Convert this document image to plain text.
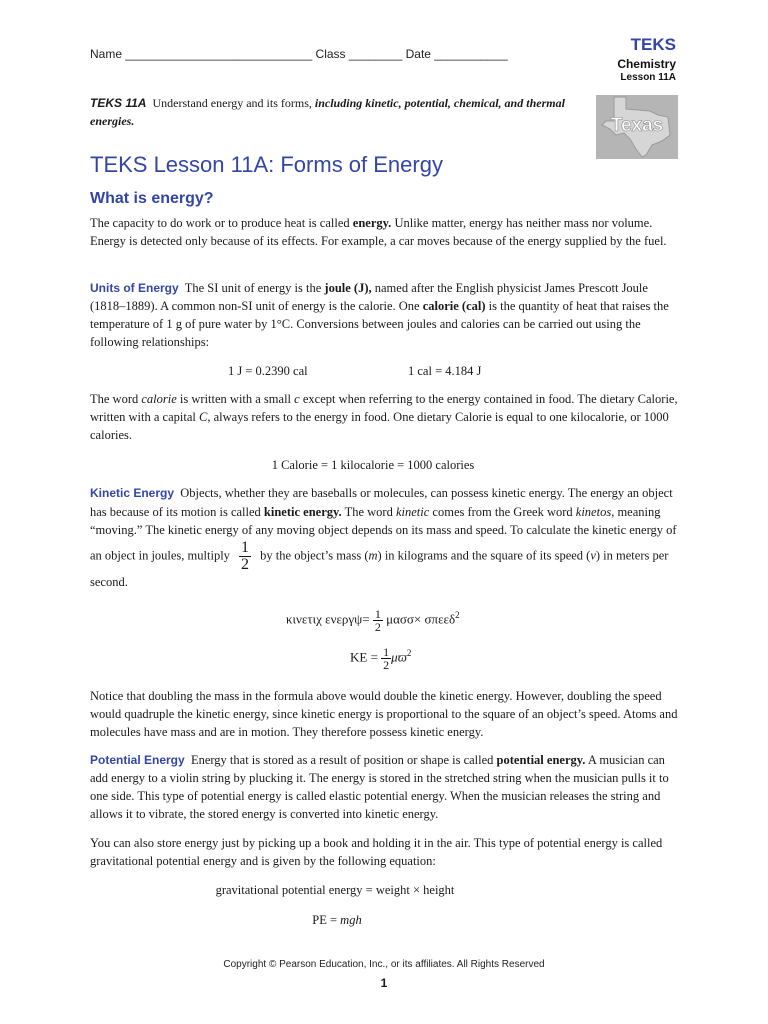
Name ____________________________ Class ________ Date ___________	TEKS
Chemistry
Lesson 11A
Texas
TEKS 11A Understand energy and its forms, including kinetic, potential, chemical, and thermal energies.
TEKS Lesson 11A: Forms of Energy
What is energy?
The capacity to do work or to produce heat is called energy. Unlike matter, energy has neither mass nor volume. Energy is detected only because of its effects. For example, a car moves because of the energy supplied by the fuel.
Units of Energy The SI unit of energy is the joule (J), named after the English physicist James Prescott Joule (1818–1889). A common non-SI unit of energy is the calorie. One calorie (cal) is the quantity of heat that raises the temperature of 1 g of pure water by 1°C. Conversions between joules and calories can be carried out using the following relationships:
1 J = 0.2390 cal	1 cal = 4.184 J
The word calorie is written with a small c except when referring to the energy contained in food. The dietary Calorie, written with a capital C, always refers to the energy in food. One dietary Calorie is equal to one kilocalorie, or 1000 calories.
1 Calorie = 1 kilocalorie = 1000 calories
Kinetic Energy Objects, whether they are baseballs or molecules, can possess kinetic energy. The energy an object has because of its motion is called kinetic energy. The word kinetic comes from the Greek word kinetos, meaning “moving.” The kinetic energy of any moving object depends on its mass and speed. To calculate the kinetic energy of an object in joules, multiply $\frac{1}{2}$ by the object’s mass (m) in kilograms and the square of its speed (v) in meters per second.
κινετιχ $\varepsilon\nu\varepsilon\rho\gamma\psi= \frac{1}{2} \mu\alpha\sigma\sigma\times \sigma\pi\varepsilon\varepsilon\delta^2$
KE = $\frac{1}{2} \mu ϖ^2$
Notice that doubling the mass in the formula above would double the kinetic energy. However, doubling the speed would quadruple the kinetic energy, since kinetic energy is proportional to the square of an object’s speed. Atoms and molecules have mass and are in motion. They therefore possess kinetic energy.
Potential Energy Energy that is stored as a result of position or shape is called potential energy. A musician can add energy to a violin string by plucking it. The energy is stored in the stretched string when the musician pulls it to one side. This type of potential energy is called elastic potential energy. When the musician releases the string and allows it to vibrate, the stored energy is converted into kinetic energy.
You can also store energy just by picking up a book and holding it in the air. This type of potential energy is called gravitational potential energy and is given by the following equation:
gravitational potential energy = weight × height
PE = mgh
Copyright © Pearson Education, Inc., or its affiliates. All Rights Reserved
1
